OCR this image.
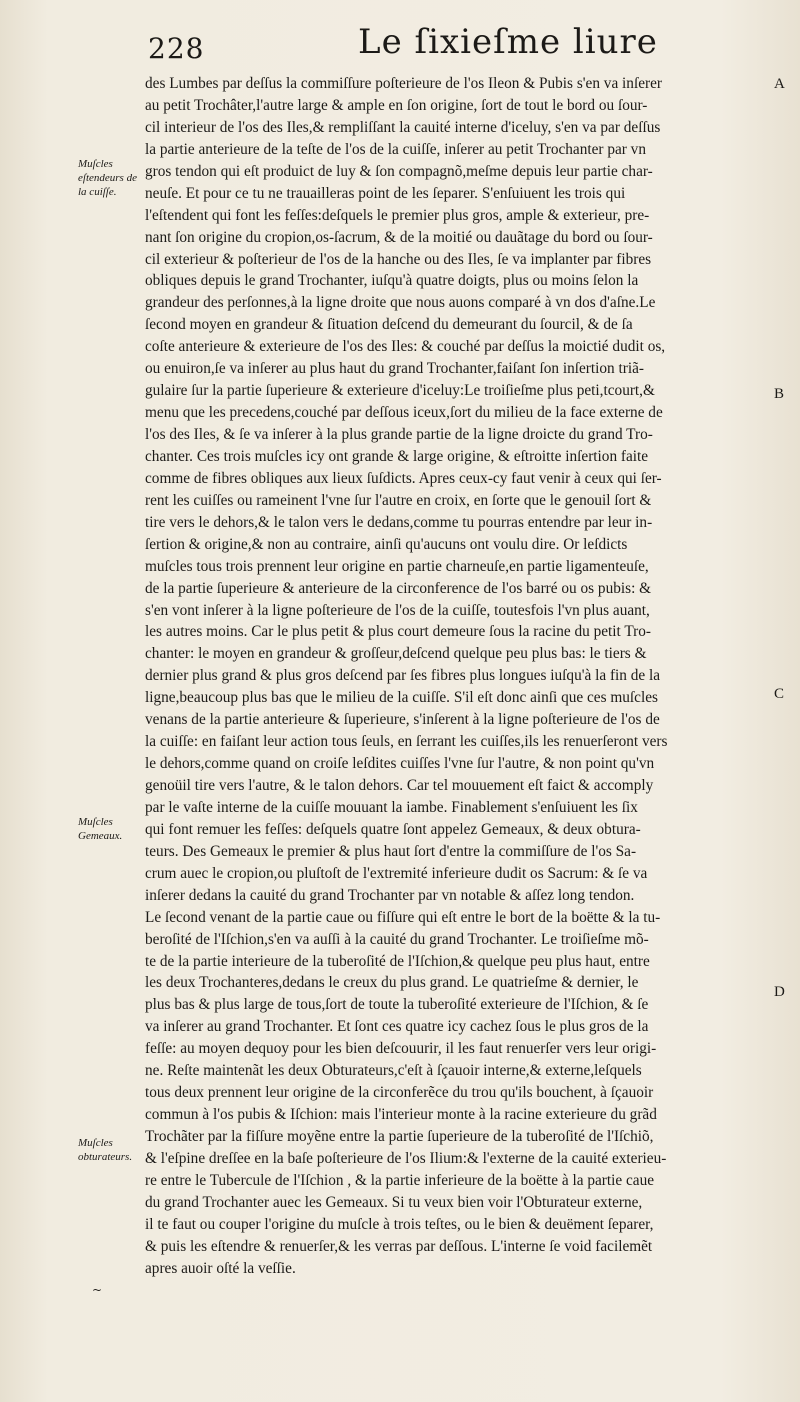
228	Le ſixieſme liure
des Lumbes par deſſus la commiſſure poſterieure de l'os Ileon & Pubis s'en va inſerer
au petit Trochâter,l'autre large & ample en ſon origine, ſort de tout le bord ou ſour-
cil interieur de l'os des Iles,& rempliſſant la cauité interne d'iceluy, s'en va par deſſus
la partie anterieure de la teſte de l'os de la cuiſſe, inſerer au petit Trochanter par vn
gros tendon qui eſt produict de luy & ſon compagnõ,meſme depuis leur partie char-
neuſe. Et pour ce tu ne trauailleras point de les ſeparer. S'enſuiuent les trois qui
l'eſtendent qui font les feſſes:deſquels le premier plus gros, ample & exterieur, pre-
nant ſon origine du cropion,os-ſacrum, & de la moitié ou dauãtage du bord ou ſour-
cil exterieur & poſterieur de l'os de la hanche ou des Iles, ſe va implanter par fibres
obliques depuis le grand Trochanter, iuſqu'à quatre doigts, plus ou moins ſelon la
grandeur des perſonnes,à la ligne droite que nous auons comparé à vn dos d'aſne.Le
ſecond moyen en grandeur & ſituation deſcend du demeurant du ſourcil, & de ſa
coſte anterieure & exterieure de l'os des Iles: & couché par deſſus la moictié dudit os,
ou enuiron,ſe va inſerer au plus haut du grand Trochanter,faiſant ſon inſertion triã-
gulaire ſur la partie ſuperieure & exterieure d'iceluy:Le troiſieſme plus peti,tcourt,&
menu que les precedens,couché par deſſous iceux,ſort du milieu de la face externe de
l'os des Iles, & ſe va inſerer à la plus grande partie de la ligne droicte du grand Tro-
chanter. Ces trois muſcles icy ont grande & large origine, & eſtroitte inſertion faite
comme de fibres obliques aux lieux ſuſdicts. Apres ceux-cy faut venir à ceux qui ſer-
rent les cuiſſes ou rameinent l'vne ſur l'autre en croix, en ſorte que le genouil ſort &
tire vers le dehors,& le talon vers le dedans,comme tu pourras entendre par leur in-
ſertion & origine,& non au contraire, ainſi qu'aucuns ont voulu dire. Or leſdicts
muſcles tous trois prennent leur origine en partie charneuſe,en partie ligamenteuſe,
de la partie ſuperieure & anterieure de la circonference de l'os barré ou os pubis: &
s'en vont inſerer à la ligne poſterieure de l'os de la cuiſſe, toutesfois l'vn plus auant,
les autres moins. Car le plus petit & plus court demeure ſous la racine du petit Tro-
chanter: le moyen en grandeur & groſſeur,deſcend quelque peu plus bas: le tiers &
dernier plus grand & plus gros deſcend par ſes fibres plus longues iuſqu'à la fin de la
ligne,beaucoup plus bas que le milieu de la cuiſſe. S'il eſt donc ainſi que ces muſcles
venans de la partie anterieure & ſuperieure, s'inſerent à la ligne poſterieure de l'os de
la cuiſſe: en faiſant leur action tous ſeuls, en ſerrant les cuiſſes,ils les renuerſeront vers
le dehors,comme quand on croiſe leſdites cuiſſes l'vne ſur l'autre, & non point qu'vn
genoüil tire vers l'autre, & le talon dehors. Car tel mouuement eſt faict & accomply
par le vaſte interne de la cuiſſe mouuant la iambe. Finablement s'enſuiuent les ſix
qui font remuer les feſſes: deſquels quatre ſont appelez Gemeaux, & deux obtura-
teurs. Des Gemeaux le premier & plus haut ſort d'entre la commiſſure de l'os Sa-
crum auec le cropion,ou pluſtoſt de l'extremité inferieure dudit os Sacrum: & ſe va
inſerer dedans la cauité du grand Trochanter par vn notable & aſſez long tendon.
Le ſecond venant de la partie caue ou fiſſure qui eſt entre le bort de la boëtte & la tu-
beroſité de l'Iſchion,s'en va auſſi à la cauité du grand Trochanter. Le troiſieſme mõ-
te de la partie interieure de la tuberoſité de l'Iſchion,& quelque peu plus haut, entre
les deux Trochanteres,dedans le creux du plus grand. Le quatrieſme & dernier, le
plus bas & plus large de tous,ſort de toute la tuberoſité exterieure de l'Iſchion, & ſe
va inſerer au grand Trochanter. Et ſont ces quatre icy cachez ſous le plus gros de la
feſſe: au moyen dequoy pour les bien deſcouurir, il les faut renuerſer vers leur origi-
ne. Reſte maintenãt les deux Obturateurs,c'eſt à ſçauoir interne,& externe,leſquels
tous deux prennent leur origine de la circonferẽce du trou qu'ils bouchent, à ſçauoir
commun à l'os pubis & Iſchion: mais l'interieur monte à la racine exterieure du grãd
Trochãter par la fiſſure moyẽne entre la partie ſuperieure de la tuberoſité de l'Iſchiõ,
& l'eſpine dreſſee en la baſe poſterieure de l'os Ilium:& l'externe de la cauité exterieu-
re entre le Tubercule de l'Iſchion , & la partie inferieure de la boëtte à la partie caue
du grand Trochanter auec les Gemeaux. Si tu veux bien voir l'Obturateur externe,
il te faut ou couper l'origine du muſcle à trois teſtes, ou le bien & deuëment ſeparer,
& puis les eſtendre & renuerſer,& les verras par deſſous. L'interne ſe void facilemẽt
apres auoir oſté la veſſie.
Muſcles eſtendeurs de la cuiſſe.
Muſcles Gemeaux.
Muſcles obturateurs.
A
B
C
D
~
